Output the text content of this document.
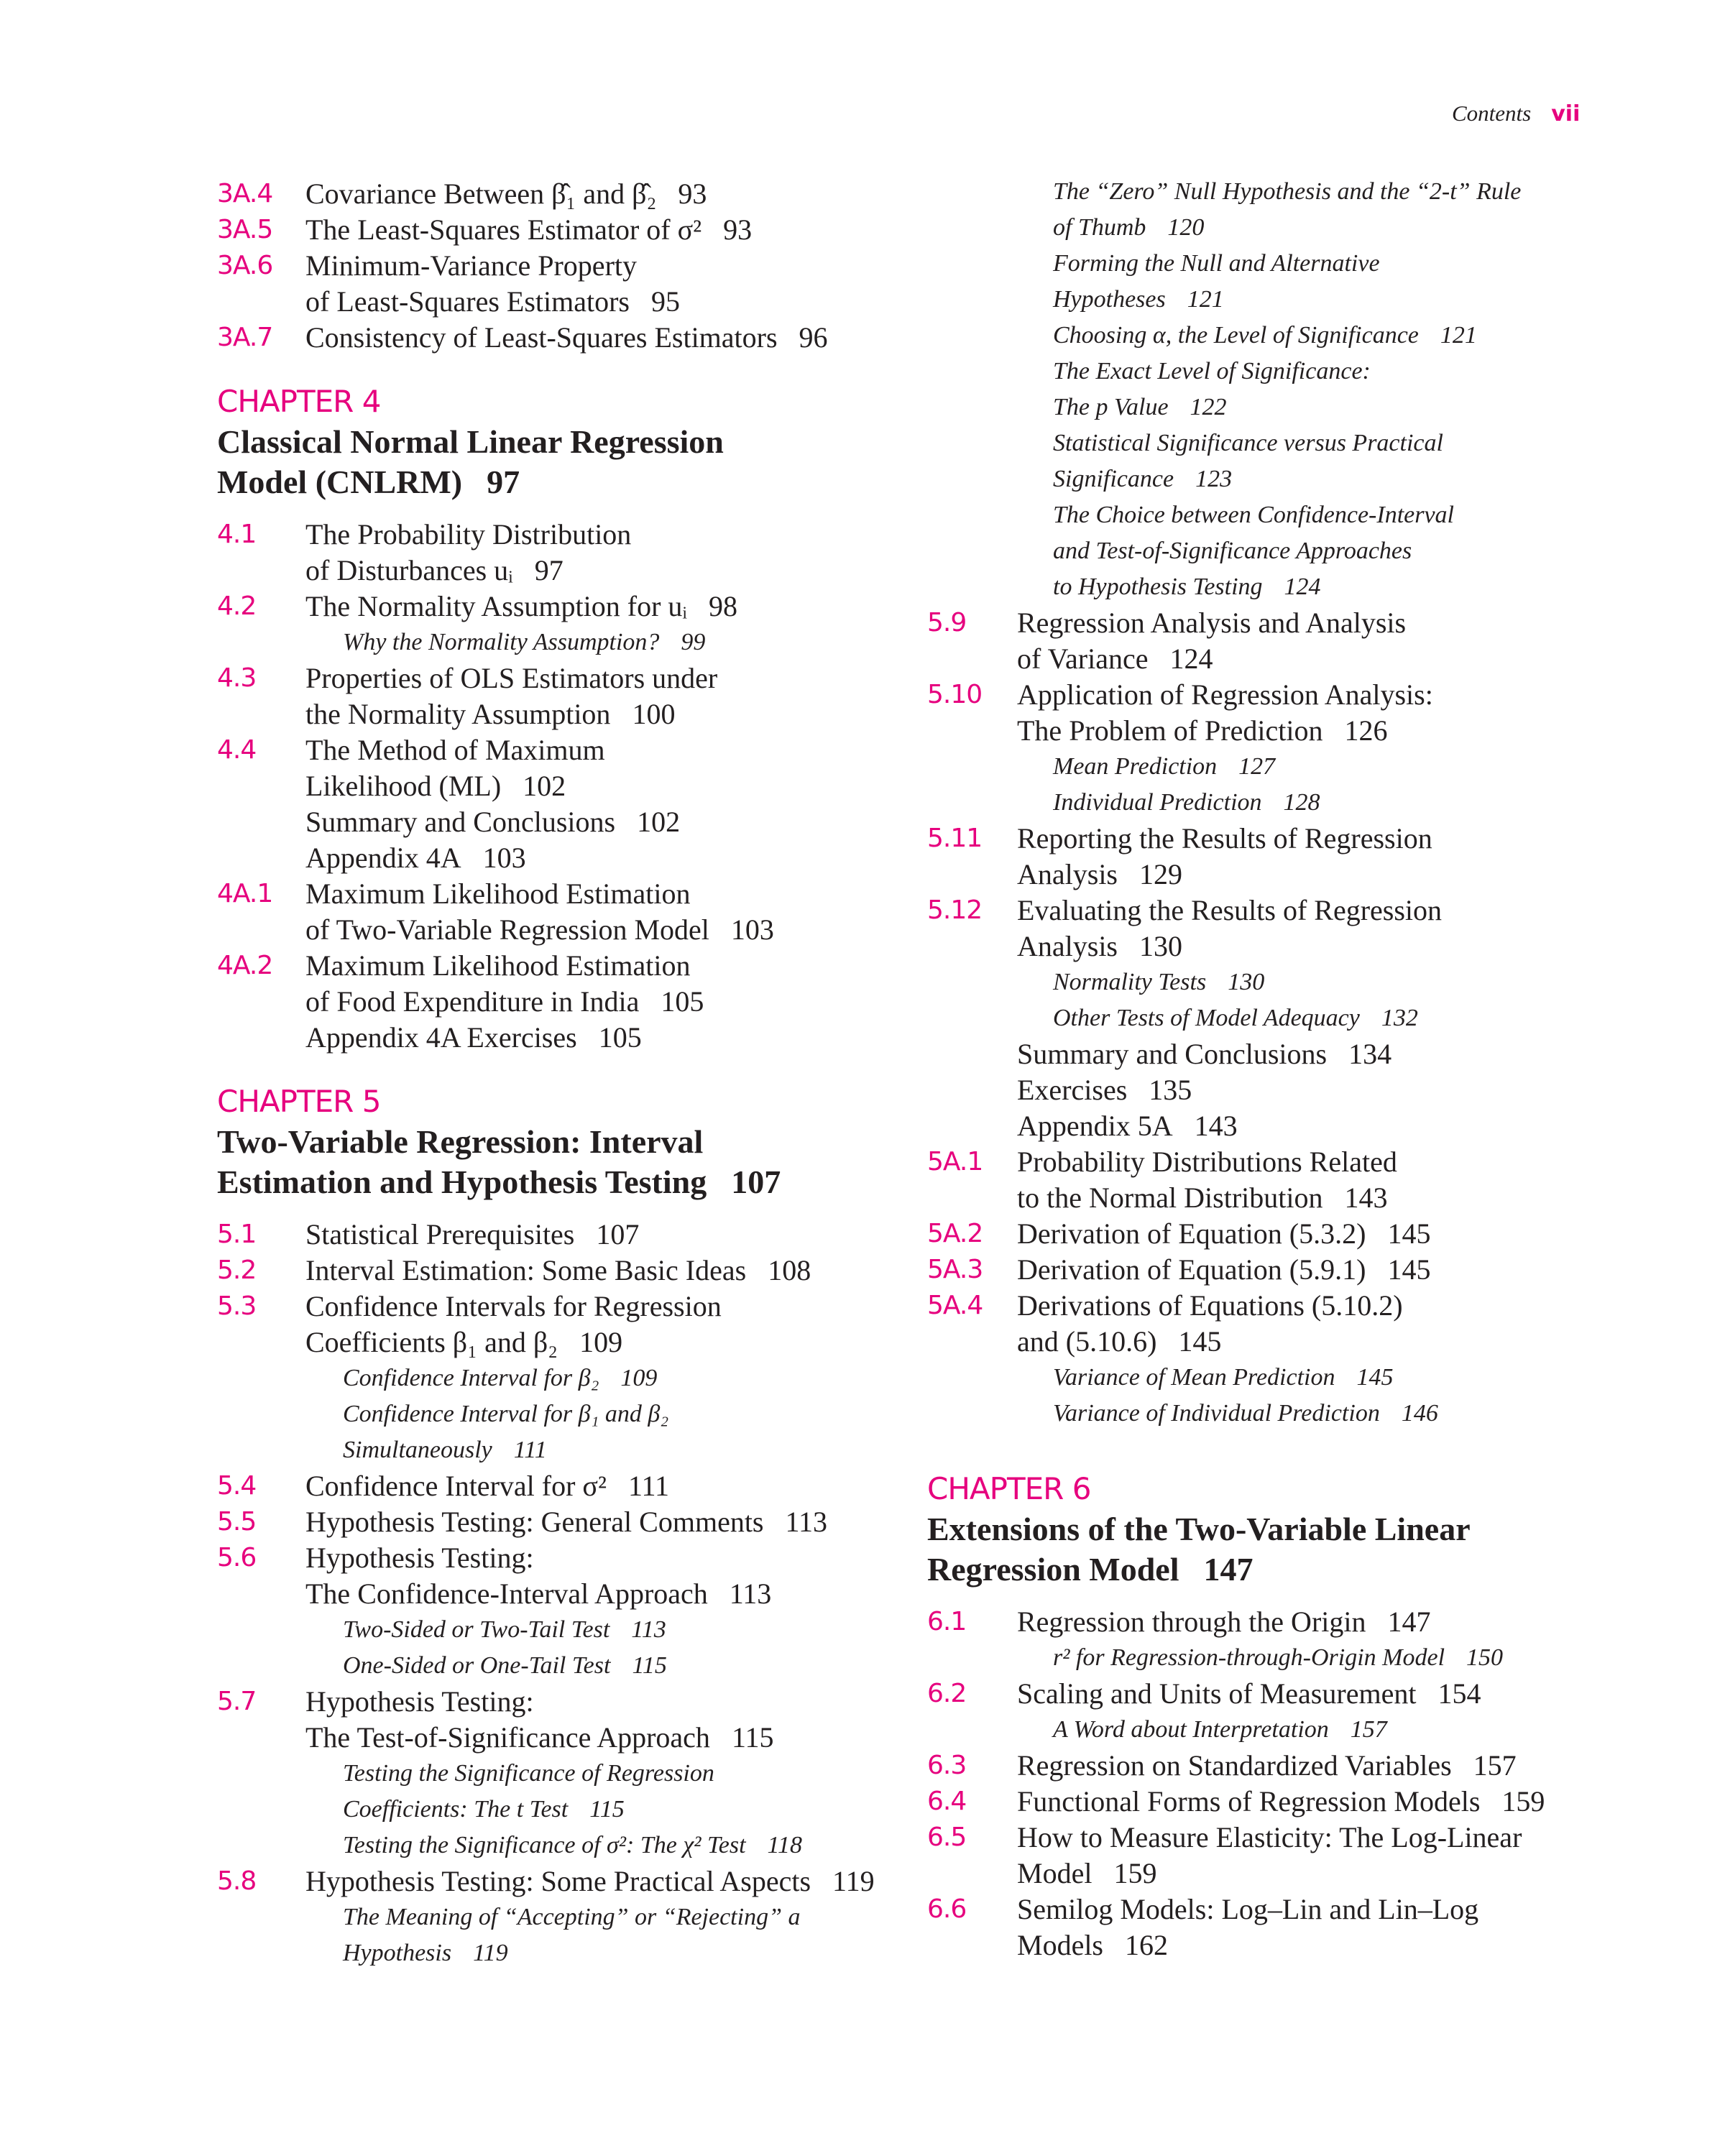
Contents vii
3A.4 Covariance Between β̂₁ and β̂₂ 93
3A.5 The Least-Squares Estimator of σ² 93
3A.6 Minimum-Variance Property
of Least-Squares Estimators 95
3A.7 Consistency of Least-Squares Estimators 96
CHAPTER 4
Classical Normal Linear Regression
Model (CNLRM) 97
4.1 The Probability Distribution
of Disturbances uᵢ 97
4.2 The Normality Assumption for uᵢ 98
Why the Normality Assumption? 99
4.3 Properties of OLS Estimators under
the Normality Assumption 100
4.4 The Method of Maximum
Likelihood (ML) 102
Summary and Conclusions 102
Appendix 4A 103
4A.1 Maximum Likelihood Estimation
of Two-Variable Regression Model 103
4A.2 Maximum Likelihood Estimation
of Food Expenditure in India 105
Appendix 4A Exercises 105
CHAPTER 5
Two-Variable Regression: Interval
Estimation and Hypothesis Testing 107
5.1 Statistical Prerequisites 107
5.2 Interval Estimation: Some Basic Ideas 108
5.3 Confidence Intervals for Regression
Coefficients β₁ and β₂ 109
Confidence Interval for β₂ 109
Confidence Interval for β₁ and β₂
Simultaneously 111
5.4 Confidence Interval for σ² 111
5.5 Hypothesis Testing: General Comments 113
5.6 Hypothesis Testing:
The Confidence-Interval Approach 113
Two-Sided or Two-Tail Test 113
One-Sided or One-Tail Test 115
5.7 Hypothesis Testing:
The Test-of-Significance Approach 115
Testing the Significance of Regression
Coefficients: The t Test 115
Testing the Significance of σ²: The χ² Test 118
5.8 Hypothesis Testing: Some Practical Aspects 119
The Meaning of “Accepting” or “Rejecting” a
Hypothesis 119
The “Zero” Null Hypothesis and the “2-t” Rule
of Thumb 120
Forming the Null and Alternative
Hypotheses 121
Choosing α, the Level of Significance 121
The Exact Level of Significance:
The p Value 122
Statistical Significance versus Practical
Significance 123
The Choice between Confidence-Interval
and Test-of-Significance Approaches
to Hypothesis Testing 124
5.9 Regression Analysis and Analysis
of Variance 124
5.10 Application of Regression Analysis:
The Problem of Prediction 126
Mean Prediction 127
Individual Prediction 128
5.11 Reporting the Results of Regression
Analysis 129
5.12 Evaluating the Results of Regression
Analysis 130
Normality Tests 130
Other Tests of Model Adequacy 132
Summary and Conclusions 134
Exercises 135
Appendix 5A 143
5A.1 Probability Distributions Related
to the Normal Distribution 143
5A.2 Derivation of Equation (5.3.2) 145
5A.3 Derivation of Equation (5.9.1) 145
5A.4 Derivations of Equations (5.10.2)
and (5.10.6) 145
Variance of Mean Prediction 145
Variance of Individual Prediction 146
CHAPTER 6
Extensions of the Two-Variable Linear
Regression Model 147
6.1 Regression through the Origin 147
r² for Regression-through-Origin Model 150
6.2 Scaling and Units of Measurement 154
A Word about Interpretation 157
6.3 Regression on Standardized Variables 157
6.4 Functional Forms of Regression Models 159
6.5 How to Measure Elasticity: The Log-Linear
Model 159
6.6 Semilog Models: Log–Lin and Lin–Log
Models 162
